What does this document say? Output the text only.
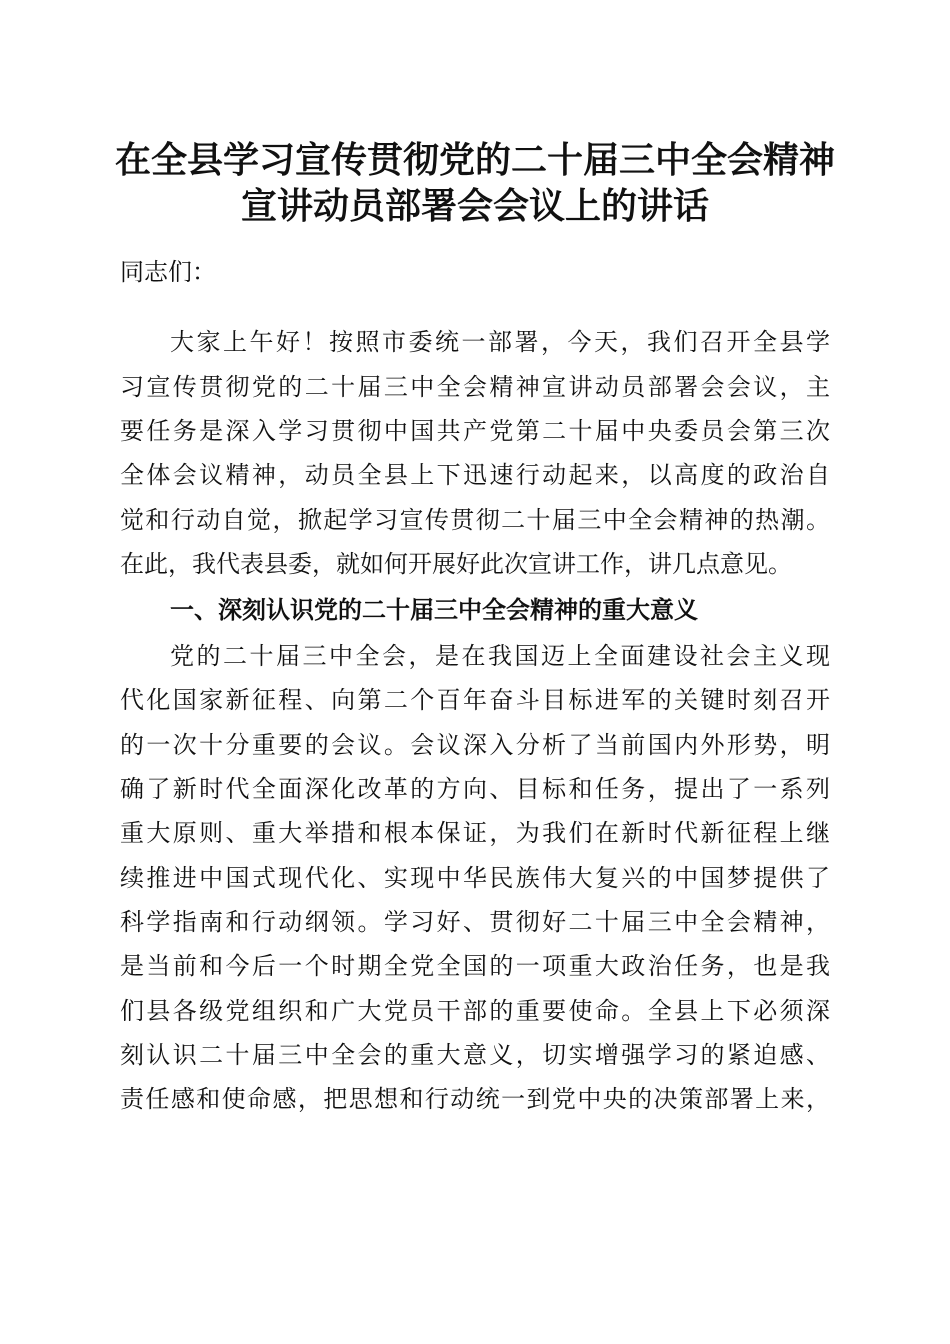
在全县学习宣传贯彻党的二十届三中全会精神
宣讲动员部署会会议上的讲话
同志们：
大家上午好！按照市委统一部署，今天，我们召开全县学
习宣传贯彻党的二十届三中全会精神宣讲动员部署会会议，主
要任务是深入学习贯彻中国共产党第二十届中央委员会第三次
全体会议精神，动员全县上下迅速行动起来，以高度的政治自
觉和行动自觉，掀起学习宣传贯彻二十届三中全会精神的热潮。
在此，我代表县委，就如何开展好此次宣讲工作，讲几点意见。
一、深刻认识党的二十届三中全会精神的重大意义
党的二十届三中全会，是在我国迈上全面建设社会主义现
代化国家新征程、向第二个百年奋斗目标进军的关键时刻召开
的一次十分重要的会议。会议深入分析了当前国内外形势，明
确了新时代全面深化改革的方向、目标和任务，提出了一系列
重大原则、重大举措和根本保证，为我们在新时代新征程上继
续推进中国式现代化、实现中华民族伟大复兴的中国梦提供了
科学指南和行动纲领。学习好、贯彻好二十届三中全会精神，
是当前和今后一个时期全党全国的一项重大政治任务，也是我
们县各级党组织和广大党员干部的重要使命。全县上下必须深
刻认识二十届三中全会的重大意义，切实增强学习的紧迫感、
责任感和使命感，把思想和行动统一到党中央的决策部署上来，
